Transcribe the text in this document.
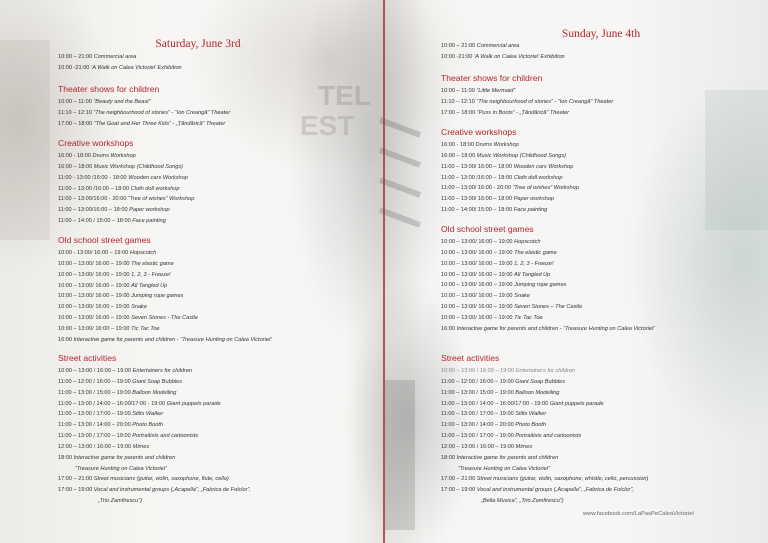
TEL
EST
Saturday, June 3rd
10:00 – 21:00 Commercial area
10:00 -21:00 ‘A Walk on Calea Victoriei’ Exhibition
Theater shows for children
10:00 – 11:00 “Beauty and the Beast”
11:10 – 12:10 “The neighbourhood of stories” - “Ion Creangă” Theater
17:00 – 18:00 “The Goat and Her Three Kids” - „Țăndărică” Theater
Creative workshops
16:00 - 18:00 Drums Workshop
16:00 – 18:00 Music Workshop (Childhood Songs)
11:00 - 13:00 /16:00 - 18:00 Wooden cars Workshop
11:00 – 13:00 /16:00 – 18:00 Cloth doll workshop
11:00 – 13:00/16:00 - 20:00 “Tree of wishes” Workshop
11:00 – 13:00/16:00 – 18:00 Paper workshop
11:00 – 14:00 / 15:00 – 18:00 Face painting
Old school street games
10:00 - 13:00/ 16:00 – 19:00 Hopscotch
10:00 – 13:00/ 16:00 – 19:00 The elastic game
10:00 – 13:00/ 16:00 – 19:00 1, 2, 3 - Freeze!
10:00 – 13:00/ 16:00 – 19:00 All Tangled Up
10:00 – 13:00/ 16:00 – 19:00 Jumping rope games
10:00 – 13:00/ 16:00 – 19:00 Snake
10:00 – 13:00/ 16:00 – 19:00 Seven Stones - The Castle
10:00 – 13:00/ 16:00 – 19:00 Tic Tac Toe
16:00 Interactive game for parents and children - “Treasure Hunting on Calea Victoriei”
Street activities
10:00 – 13:00 / 16:00 – 19:00 Entertainers for children
11:00 – 12:00 / 16:00 – 19:00 Giant Soap Bubbles
11:00 – 13:00 / 15:00 – 19:00 Balloon Modelling
11:00 – 13:00 / 14:00 – 16:00/17:00 - 19:00 Giant puppets parade
11:00 – 13:00 / 17:00 – 19:00 Stilts Walker
11:00 – 13:00 / 14:00 – 20:00 Photo Booth
11:00 – 13:00 / 17:00 – 19:00 Portraitists and cartoonists
12:00 – 13:00 / 16:00 – 19:00 Mimes
18:00 Interactive game for parents and children
“Treasure Hunting on Calea Victoriei”
17:00 – 21:00 Street musicians (guitar, violin, saxophone, flute, cello)
17:00 – 19:00 Vocal and instrumental groups („Acapella”, „Fabrica de Folclor”,
„Trio Zamfirescu”)
Sunday, June 4th
10:00 – 21:00 Commercial area
10:00 -21:00 ‘A Walk on Calea Victoriei’ Exhibition
Theater shows for children
10:00 – 11:00 “Little Mermaid”
11:10 – 12:10 “The neighbourhood of stories” - “Ion Creangă” Theater
17:00 – 18:00 “Puss in Boots” - „Țăndărică” Theater
Creative workshops
16:00 - 18:00 Drums Workshop
16:00 – 18:00 Music Workshop (Childhood Songs)
11:00 – 13:00/ 16:00 – 18:00 Wooden cars Workshop
11:00 – 13:00 /16:00 – 18:00 Cloth doll workshop
11:00 – 13:00/ 16:00 - 20:00 “Tree of wishes” Workshop
11:00 – 13:00/ 16:00 – 18:00 Paper workshop
11:00 – 14:00/ 15:00 – 18:00 Face painting
Old school street games
10:00 – 13:00/ 16:00 – 19:00 Hopscotch
10:00 – 13:00/ 16:00 – 19:00 The elastic game
10:00 – 13:00/ 16:00 – 19:00 1, 2, 3 - Freeze!
10:00 – 13:00/ 16:00 – 19:00 All Tangled Up
10:00 – 13:00/ 16:00 – 19:00 Jumping rope games
10:00 – 13:00/ 16:00 – 19:00 Snake
10:00 – 13:00/ 16:00 – 19:00 Seven Stones – The Castle
10:00 – 13:00/ 16:00 – 19:00 Tic Tac Toe
16:00 Interactive game for parents and children - “Treasure Hunting on Calea Victoriei”
Street activities
10:00 – 13:00 / 16:00 – 19:00 Entertainers for children
11:00 – 12:00 / 16:00 – 19:00 Giant Soap Bubbles
11:00 – 13:00 / 15:00 – 19:00 Balloon Modelling
11:00 – 13:00 / 14:00 – 16:00/17:00 - 19:00 Giant puppets parade
11:00 – 13:00 / 17:00 – 19:00 Stilts Walker
11:00 – 13:00 / 14:00 – 20:00 Photo Booth
11:00 – 13:00 / 17:00 – 19:00 Portraitists and cartoonists
12:00 – 13:00 / 16:00 – 19:00 Mimes
18:00 Interactive game for parents and children
“Treasure Hunting on Calea Victoriei”
17:00 – 21:00 Street musicians (guitar, violin, saxophone, whistle, cello, percussion)
17:00 – 19:00 Vocal and instrumental groups („Acapella”, „Fabrica de Folclor”,
„Bella Musica”, „Trio Zamfirescu”)
www.facebook.com/LaPasPeCaleaVictoriei
